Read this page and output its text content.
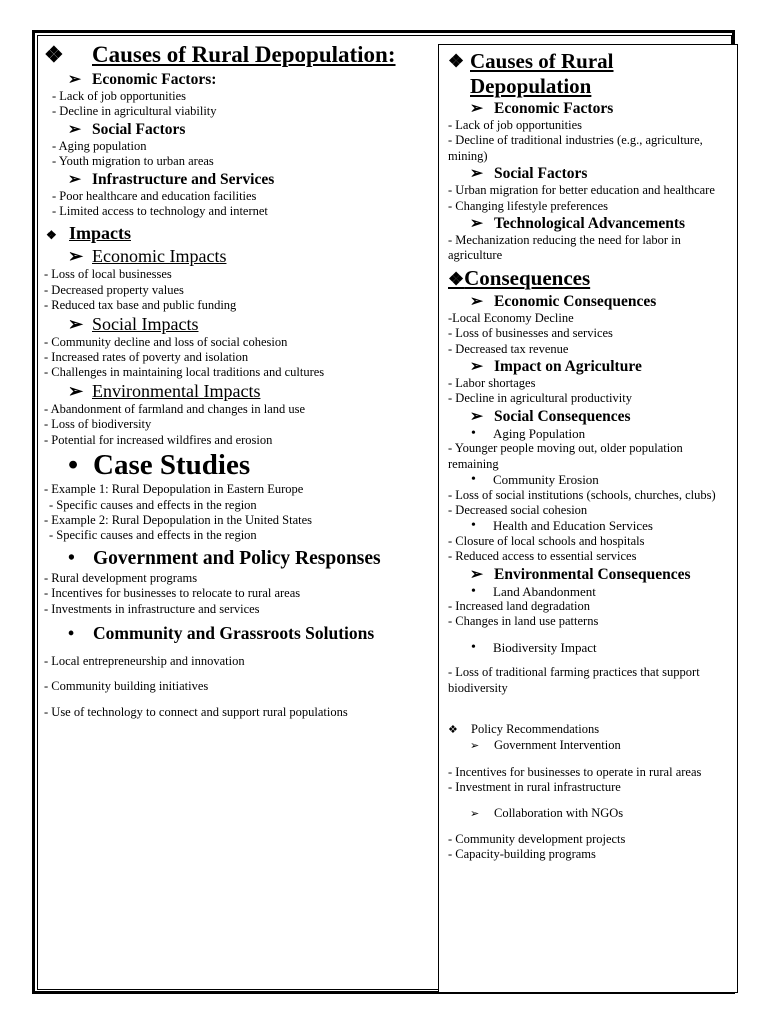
❖ Causes of Rural Depopulation:
➢ Economic Factors:
- Lack of job opportunities
- Decline in agricultural viability
➢ Social Factors
- Aging population
- Youth migration to urban areas
➢ Infrastructure and Services
- Poor healthcare and education facilities
- Limited access to technology and internet
❖ Impacts
➢ Economic Impacts
- Loss of local businesses
- Decreased property values
- Reduced tax base and public funding
➢ Social Impacts
- Community decline and loss of social cohesion
- Increased rates of poverty and isolation
- Challenges in maintaining local traditions and cultures
➢ Environmental Impacts
- Abandonment of farmland and changes in land use
- Loss of biodiversity
- Potential for increased wildfires and erosion
• Case Studies
- Example 1: Rural Depopulation in Eastern Europe
- Specific causes and effects in the region
- Example 2: Rural Depopulation in the United States
- Specific causes and effects in the region
• Government and Policy Responses
- Rural development programs
- Incentives for businesses to relocate to rural areas
- Investments in infrastructure and services
• Community and Grassroots Solutions
- Local entrepreneurship and innovation
- Community building initiatives
- Use of technology to connect and support rural populations
❖ Causes of Rural Depopulation
➢ Economic Factors
- Lack of job opportunities
- Decline of traditional industries (e.g., agriculture, mining)
➢ Social Factors
- Urban migration for better education and healthcare
- Changing lifestyle preferences
➢ Technological Advancements
- Mechanization reducing the need for labor in agriculture
❖Consequences
➢ Economic Consequences
-Local Economy Decline
- Loss of businesses and services
- Decreased tax revenue
➢ Impact on Agriculture
- Labor shortages
- Decline in agricultural productivity
➢ Social Consequences
• Aging Population
- Younger people moving out, older population remaining
• Community Erosion
- Loss of social institutions (schools, churches, clubs)
- Decreased social cohesion
• Health and Education Services
- Closure of local schools and hospitals
- Reduced access to essential services
➢ Environmental Consequences
• Land Abandonment
- Increased land degradation
- Changes in land use patterns
• Biodiversity Impact
- Loss of traditional farming practices that support biodiversity
❖ Policy Recommendations
➢ Government Intervention
- Incentives for businesses to operate in rural areas
- Investment in rural infrastructure
➢ Collaboration with NGOs
- Community development projects
- Capacity-building programs
